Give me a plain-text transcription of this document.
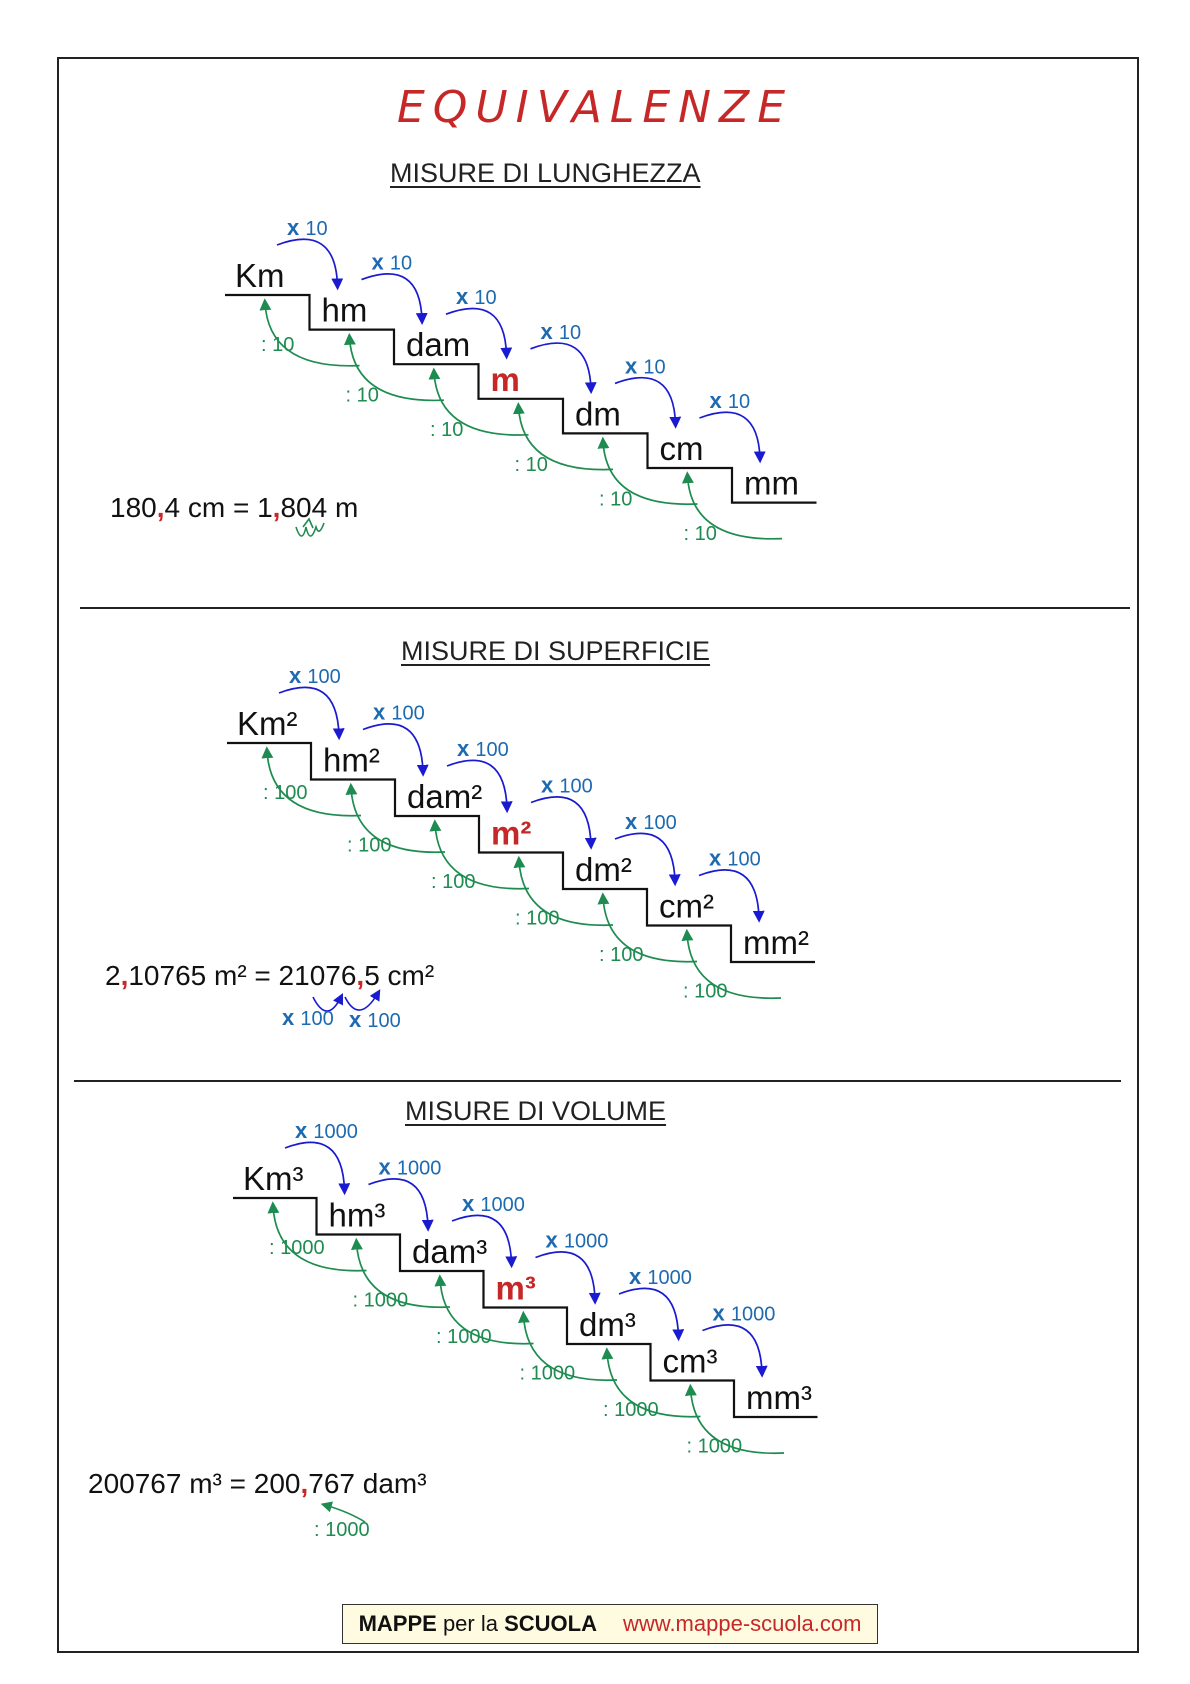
EQUIVALENZE
MISURE DI LUNGHEZZA
MISURE DI SUPERFICIE
MISURE DI VOLUME
Km
x 10
: 10
hm
x 10
: 10
dam
x 10
: 10
m
x 10
: 10
dm
x 10
: 10
cm
x 10
: 10
mm
Km²
x 100
: 100
hm²
x 100
: 100
dam²
x 100
: 100
m²
x 100
: 100
dm²
x 100
: 100
cm²
x 100
: 100
mm²
Km³
x 1000
: 1000
hm³
x 1000
: 1000
dam³
x 1000
: 1000
m³
x 1000
: 1000
dm³
x 1000
: 1000
cm³
x 1000
: 1000
mm³
180,4 cm = 1,804 m
2,10765 m² = 21076,5 cm²
x 100 x 100
200767 m³ = 200,767 dam³
: 1000
MAPPE per la SCUOLA www.mappe-scuola.com
